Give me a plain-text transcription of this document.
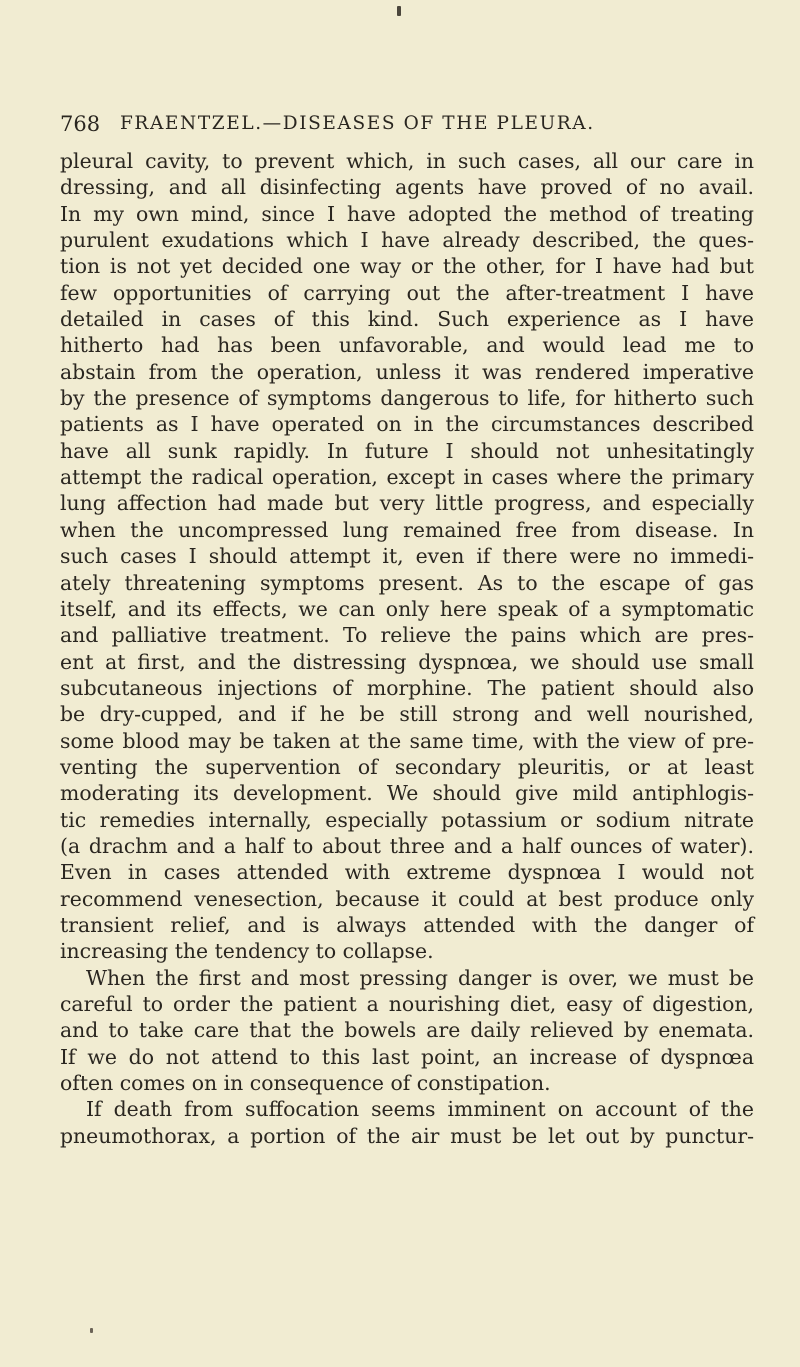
768 FRAENTZEL.—DISEASES OF THE PLEURA.
pleural cavity, to prevent which, in such cases, all our care in
dressing, and all disinfecting agents have proved of no avail.
In my own mind, since I have adopted the method of treating
purulent exudations which I have already described, the ques-
tion is not yet decided one way or the other, for I have had but
few opportunities of carrying out the after-treatment I have
detailed in cases of this kind. Such experience as I have
hitherto had has been unfavorable, and would lead me to
abstain from the operation, unless it was rendered imperative
by the presence of symptoms dangerous to life, for hitherto such
patients as I have operated on in the circumstances described
have all sunk rapidly. In future I should not unhesitatingly
attempt the radical operation, except in cases where the primary
lung affection had made but very little progress, and especially
when the uncompressed lung remained free from disease. In
such cases I should attempt it, even if there were no immedi-
ately threatening symptoms present. As to the escape of gas
itself, and its effects, we can only here speak of a symptomatic
and palliative treatment. To relieve the pains which are pres-
ent at first, and the distressing dyspnœa, we should use small
subcutaneous injections of morphine. The patient should also
be dry-cupped, and if he be still strong and well nourished,
some blood may be taken at the same time, with the view of pre-
venting the supervention of secondary pleuritis, or at least
moderating its development. We should give mild antiphlogis-
tic remedies internally, especially potassium or sodium nitrate
(a drachm and a half to about three and a half ounces of water).
Even in cases attended with extreme dyspnœa I would not
recommend venesection, because it could at best produce only
transient relief, and is always attended with the danger of
increasing the tendency to collapse.
When the first and most pressing danger is over, we must be
careful to order the patient a nourishing diet, easy of digestion,
and to take care that the bowels are daily relieved by enemata.
If we do not attend to this last point, an increase of dyspnœa
often comes on in consequence of constipation.
If death from suffocation seems imminent on account of the
pneumothorax, a portion of the air must be let out by punctur-
